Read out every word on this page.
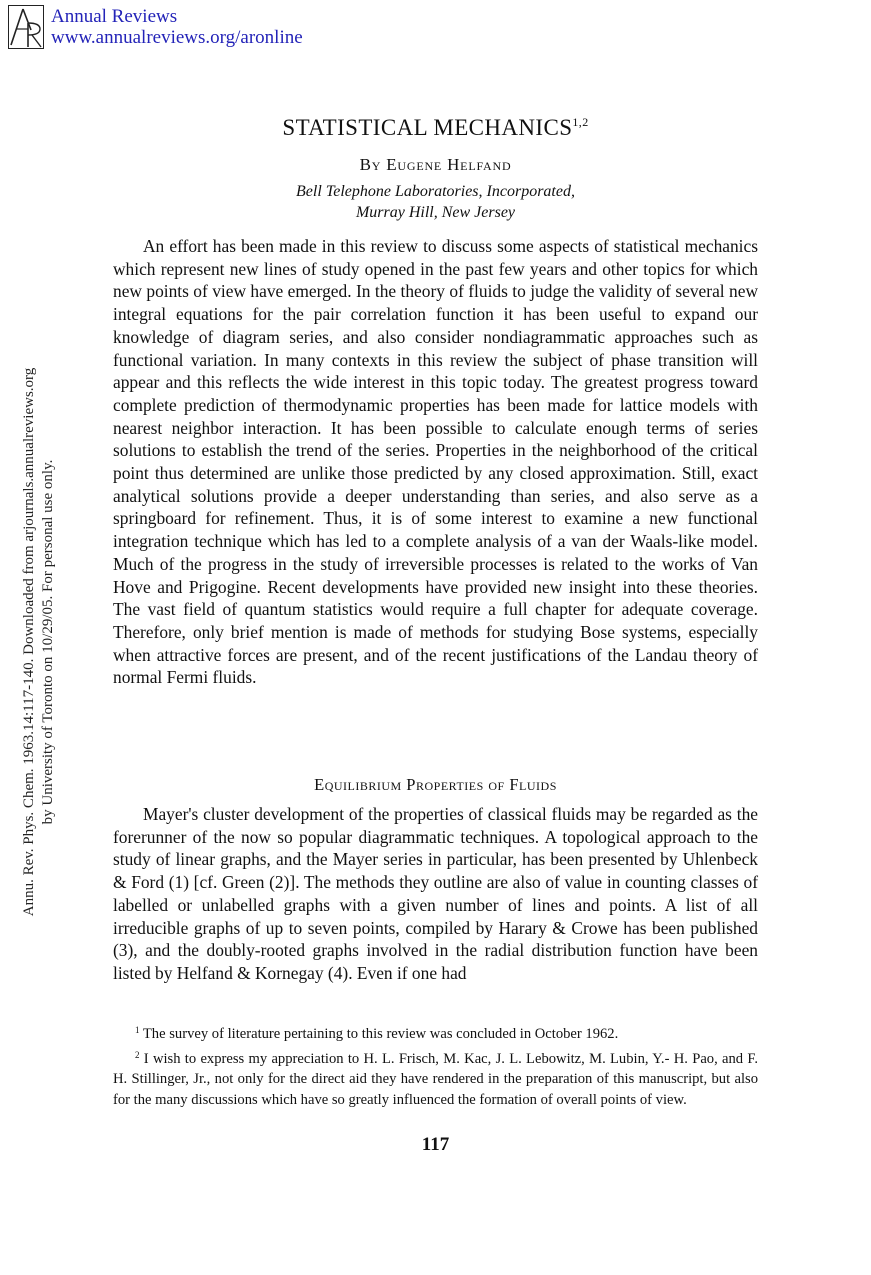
Annual Reviews
www.annualreviews.org/aronline
Annu. Rev. Phys. Chem. 1963.14:117-140. Downloaded from arjournals.annualreviews.org by University of Toronto on 10/29/05. For personal use only.
STATISTICAL MECHANICS$^{1,2}$
By Eugene Helfand
Bell Telephone Laboratories, Incorporated,
Murray Hill, New Jersey

An effort has been made in this review to discuss some aspects of statistical mechanics which represent new lines of study opened in the past few years and other topics for which new points of view have emerged. In the theory of fluids to judge the validity of several new integral equations for the pair correlation function it has been useful to expand our knowledge of diagram series, and also consider nondiagrammatic approaches such as functional variation. In many contexts in this review the subject of phase transition will appear and this reflects the wide interest in this topic today. The greatest progress toward complete prediction of thermodynamic properties has been made for lattice models with nearest neighbor interaction. It has been possible to calculate enough terms of series solutions to establish the trend of the series. Properties in the neighborhood of the critical point thus determined are unlike those predicted by any closed approximation. Still, exact analytical solutions provide a deeper understanding than series, and also serve as a springboard for refinement. Thus, it is of some interest to examine a new functional integration technique which has led to a complete analysis of a van der Waals-like model. Much of the progress in the study of irreversible processes is related to the works of Van Hove and Prigogine. Recent developments have provided new insight into these theories. The vast field of quantum statistics would require a full chapter for adequate coverage. Therefore, only brief mention is made of methods for studying Bose systems, especially when attractive forces are present, and of the recent justifications of the Landau theory of normal Fermi fluids.

Equilibrium Properties of Fluids

Mayer's cluster development of the properties of classical fluids may be regarded as the forerunner of the now so popular diagrammatic techniques. A topological approach to the study of linear graphs, and the Mayer series in particular, has been presented by Uhlenbeck & Ford (1) [cf. Green (2)]. The methods they outline are also of value in counting classes of labelled or unlabelled graphs with a given number of lines and points. A list of all irreducible graphs of up to seven points, compiled by Harary & Crowe has been published (3), and the doubly-rooted graphs involved in the radial distribution function have been listed by Helfand & Kornegay (4). Even if one had

$^1$ The survey of literature pertaining to this review was concluded in October 1962.

$^2$ I wish to express my appreciation to H. L. Frisch, M. Kac, J. L. Lebowitz, M. Lubin, Y.- H. Pao, and F. H. Stillinger, Jr., not only for the direct aid they have rendered in the preparation of this manuscript, but also for the many discussions which have so greatly influenced the formation of overall points of view.

117
